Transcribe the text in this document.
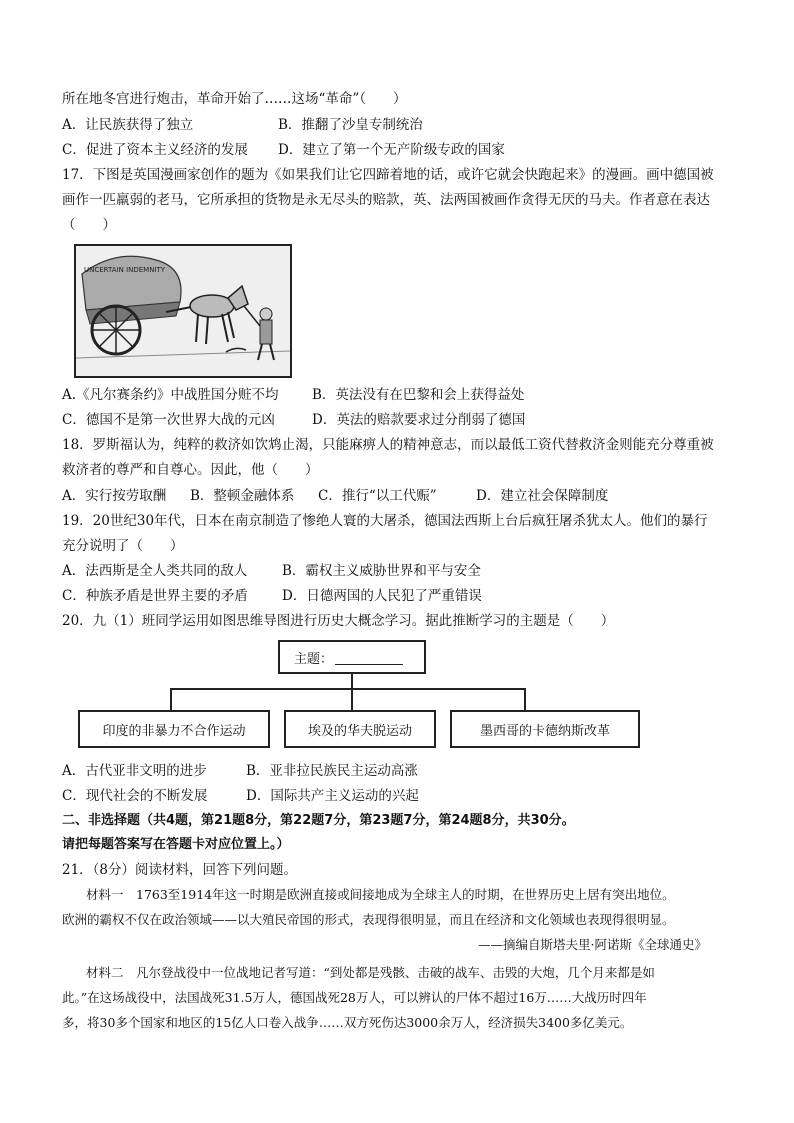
所在地冬宫进行炮击，革命开始了……这场“革命”（　　）
A．让民族获得了独立	B．推翻了沙皇专制统治
C．促进了资本主义经济的发展 D．建立了第一个无产阶级专政的国家
17．下图是英国漫画家创作的题为《如果我们让它四蹄着地的话，或许它就会快跑起来》的漫画。画中德国被
画作一匹羸弱的老马，它所承担的货物是永无尽头的赔款，英、法两国被画作贪得无厌的马夫。作者意在表达
（　　）
UNCERTAIN INDEMNITY
A.《凡尔赛条约》中战胜国分赃不均 B．英法没有在巴黎和会上获得益处
C．德国不是第一次世界大战的元凶	D．英法的赔款要求过分削弱了德国
18．罗斯福认为，纯粹的救济如饮鸩止渴，只能麻痹人的精神意志，而以最低工资代替救济金则能充分尊重被
救济者的尊严和自尊心。因此，他（　　）
A．实行按劳取酬 B．整顿金融体系 C．推行“以工代赈”	D．建立社会保障制度
19．20世纪30年代，日本在南京制造了惨绝人寰的大屠杀，德国法西斯上台后疯狂屠杀犹太人。他们的暴行
充分说明了（　　）
A．法西斯是全人类共同的敌人	B．霸权主义威胁世界和平与安全
C．种族矛盾是世界主要的矛盾	D．日德两国的人民犯了严重错误
20．九（1）班同学运用如图思维导图进行历史大概念学习。据此推断学习的主题是（　　）
主题：
印度的非暴力不合作运动	埃及的华夫脱运动	墨西哥的卡德纳斯改革
A．古代亚非文明的进步	B．亚非拉民族民主运动高涨
C．现代社会的不断发展	D．国际共产主义运动的兴起
二、非选择题（共4题，第21题8分，第22题7分，第23题7分，第24题8分，共30分。
请把每题答案写在答题卡对应位置上。）
21．（8分）阅读材料，回答下列问题。
材料一　1763至1914年这一时期是欧洲直接或间接地成为全球主人的时期，在世界历史上居有突出地位。
欧洲的霸权不仅在政治领域——以大殖民帝国的形式，表现得很明显，而且在经济和文化领域也表现得很明显。
——摘编自斯塔夫里·阿诺斯《全球通史》
材料二　凡尔登战役中一位战地记者写道：“到处都是残骸、击破的战车、击毁的大炮，几个月来都是如
此。”在这场战役中，法国战死31.5万人，德国战死28万人，可以辨认的尸体不超过16万……大战历时四年
多，将30多个国家和地区的15亿人口卷入战争……双方死伤达3000余万人，经济损失3400多亿美元。
